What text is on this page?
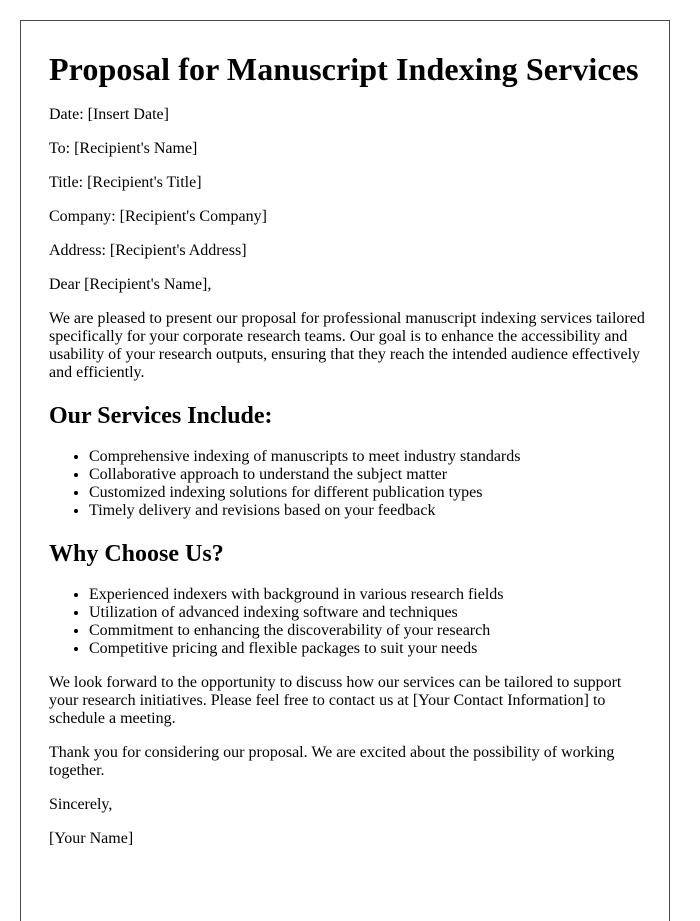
Proposal for Manuscript Indexing Services

Date: [Insert Date]

To: [Recipient's Name]

Title: [Recipient's Title]

Company: [Recipient's Company]

Address: [Recipient's Address]

Dear [Recipient's Name],

We are pleased to present our proposal for professional manuscript indexing services tailored specifically for your corporate research teams. Our goal is to enhance the accessibility and usability of your research outputs, ensuring that they reach the intended audience effectively and efficiently.

Our Services Include:
• Comprehensive indexing of manuscripts to meet industry standards
• Collaborative approach to understand the subject matter
• Customized indexing solutions for different publication types
• Timely delivery and revisions based on your feedback
Why Choose Us?
• Experienced indexers with background in various research fields
• Utilization of advanced indexing software and techniques
• Commitment to enhancing the discoverability of your research
• Competitive pricing and flexible packages to suit your needs

We look forward to the opportunity to discuss how our services can be tailored to support your research initiatives. Please feel free to contact us at [Your Contact Information] to schedule a meeting.

Thank you for considering our proposal. We are excited about the possibility of working together.

Sincerely,

[Your Name]
